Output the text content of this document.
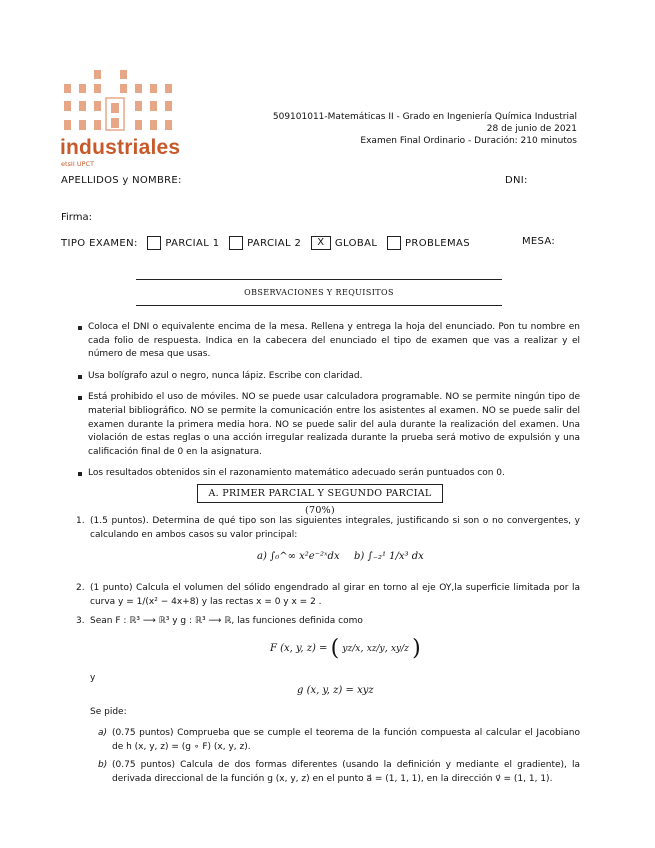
industriales
etsII UPCT
509101011-Matemáticas II - Grado en Ingeniería Química Industrial
28 de junio de 2021
Examen Final Ordinario - Duración: 210 minutos
APELLIDOS y NOMBRE:	DNI:
Firma:
TIPO EXAMEN:	PARCIAL 1	PARCIAL 2 X GLOBAL	PROBLEMAS	MESA:
OBSERVACIONES Y REQUISITOS
Coloca el DNI o equivalente encima de la mesa. Rellena y entrega la hoja del enunciado. Pon tu nombre en cada folio de respuesta. Indica en la cabecera del enunciado el tipo de examen que vas a realizar y el número de mesa que usas.
Usa bolígrafo azul o negro, nunca lápiz. Escribe con claridad.
Está prohibido el uso de móviles. NO se puede usar calculadora programable. NO se permite ningún tipo de material bibliográfico. NO se permite la comunicación entre los asistentes al examen. NO se puede salir del examen durante la primera media hora. NO se puede salir del aula durante la realización del examen. Una violación de estas reglas o una acción irregular realizada durante la prueba será motivo de expulsión y una calificación final de 0 en la asignatura.
Los resultados obtenidos sin el razonamiento matemático adecuado serán puntuados con 0.
A. PRIMER PARCIAL Y SEGUNDO PARCIAL (70%)
1. (1.5 puntos). Determina de qué tipo son las siguientes integrales, justificando si son o no convergentes, y calculando en ambos casos su valor principal:
a) ∫₀^∞ x²e⁻²ˣdx b) ∫₋₂¹ 1/x³ dx
2. (1 punto) Calcula el volumen del sólido engendrado al girar en torno al eje OY,la superficie limitada por la curva y = 1/(x² − 4x+8) y las rectas x = 0 y x = 2 .
3. Sean F : ℝ³ ⟶ ℝ³ y g : ℝ³ ⟶ ℝ, las funciones definida como
F (x, y, z) = ( yz/x, xz/y, xy/z )
y
g (x, y, z) = xyz
Se pide:
a) (0.75 puntos) Comprueba que se cumple el teorema de la función compuesta al calcular el Jacobiano de h (x, y, z) = (g ∘ F) (x, y, z).
b) (0.75 puntos) Calcula de dos formas diferentes (usando la definición y mediante el gradiente), la derivada direccional de la función g (x, y, z) en el punto a⃗ = (1, 1, 1), en la dirección v⃗ = (1, 1, 1).
